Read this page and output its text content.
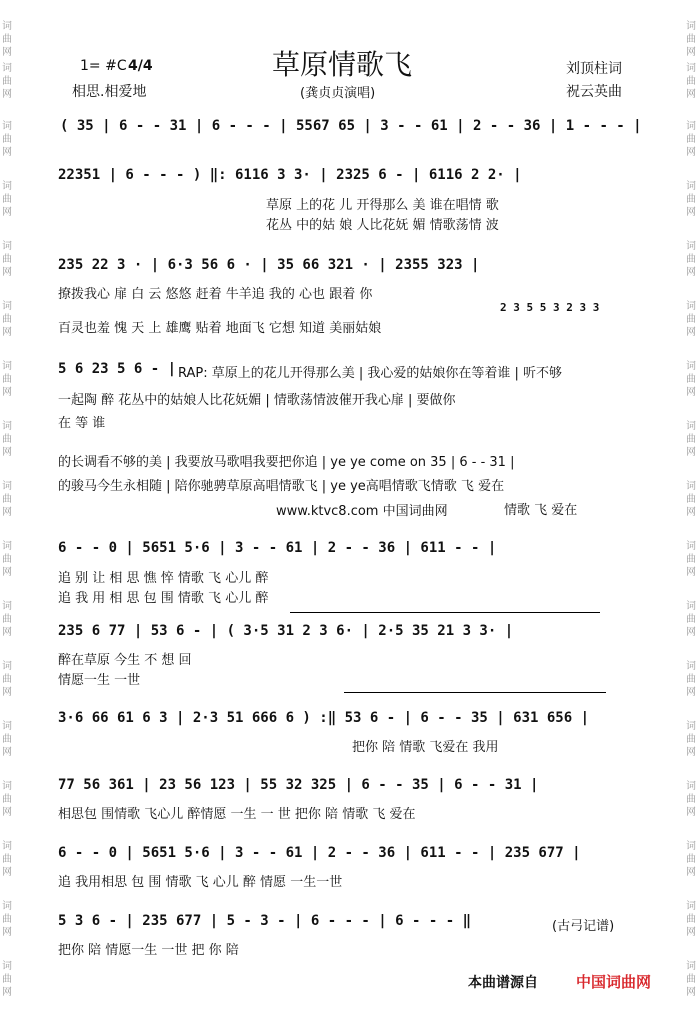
词
曲
网
词
曲
网
词
曲
网
词
曲
网
词
曲
网
词
曲
网
词
曲
网
词
曲
网
词
曲
网
词
曲
网
词
曲
网
词
曲
网
词
曲
网
词
曲
网
词
曲
网
词
曲
网
词
曲
网
词
曲
网
词
曲
网
词
曲
网
词
曲
网
词
曲
网
词
曲
网
词
曲
网
词
曲
网
词
曲
网
词
曲
网
词
曲
网
词
曲
网
词
曲
网
词
曲
网
词
曲
网
词
曲
网
词
曲
网
1= #C 4/4
相思.相爱地
草原情歌飞
(龚贞贞演唱)
刘顶柱词
祝云英曲
( 35 | 6 - - 31 | 6 - - - | 5567 65 | 3 - - 61 | 2 - - 36 | 1 - - - |
22351 | 6 - - - ) ‖: 6116 3 3· | 2325 6 - | 6116 2 2· |
草原 上的花 儿 开得那么 美 谁在唱情 歌
花丛 中的姑 娘 人比花妩 媚 情歌荡情 波
235 22 3 · | 6·3 56 6 · | 35 66 321 · | 2355 323 |
撩拨我心 扉 白 云 悠悠 赶着 牛羊追 我的 心也 跟着 你
2 3 5 5 3 2 3 3
百灵也羞 愧 天 上 雄鹰 贴着 地面飞 它想 知道 美丽姑娘
5 6 23 5 6 - | RAP: 草原上的花儿开得那么美 | 我心爱的姑娘你在等着谁 | 听不够
一起陶 醉 花丛中的姑娘人比花妩媚 | 情歌荡情波催开我心扉 | 要做你
在 等 谁
的长调看不够的美 | 我要放马歌唱我要把你追 | ye ye come on 35 | 6 - - 31 |
的骏马今生永相随 | 陪你驰骋草原高唱情歌飞 | ye ye高唱情歌飞情歌 飞 爱在
www.ktvc8.com 中国词曲网	情歌 飞 爱在
6 - - 0 | 5651 5·6 | 3 - - 61 | 2 - - 36 | 611 - - |
追 别 让 相 思 憔 悴 情歌 飞 心儿 醉
追 我 用 相 思 包 围 情歌 飞 心儿 醉
235 6 77 | 53 6 - | ( 3·5 31 2 3 6· | 2·5 35 21 3 3· |
醉在草原 今生 不 想 回
情愿一生 一世
3·6 66 61 6 3 | 2·3 51 666 6 ) :‖ 53 6 - | 6 - - 35 | 631 656 |
把你 陪 情歌 飞爱在 我用
77 56 361 | 23 56 123 | 55 32 325 | 6 - - 35 | 6 - - 31 |
相思包 围情歌 飞心儿 醉情愿 一生 一 世 把你 陪 情歌 飞 爱在
6 - - 0 | 5651 5·6 | 3 - - 61 | 2 - - 36 | 611 - - | 235 677 |
追 我用相思 包 围 情歌 飞 心儿 醉 情愿 一生一世
5 3 6 - | 235 677 | 5 - 3 - | 6 - - - | 6 - - - ‖	(古弓记谱)
把你 陪 情愿一生 一世 把 你 陪
本曲谱源自	中国词曲网
